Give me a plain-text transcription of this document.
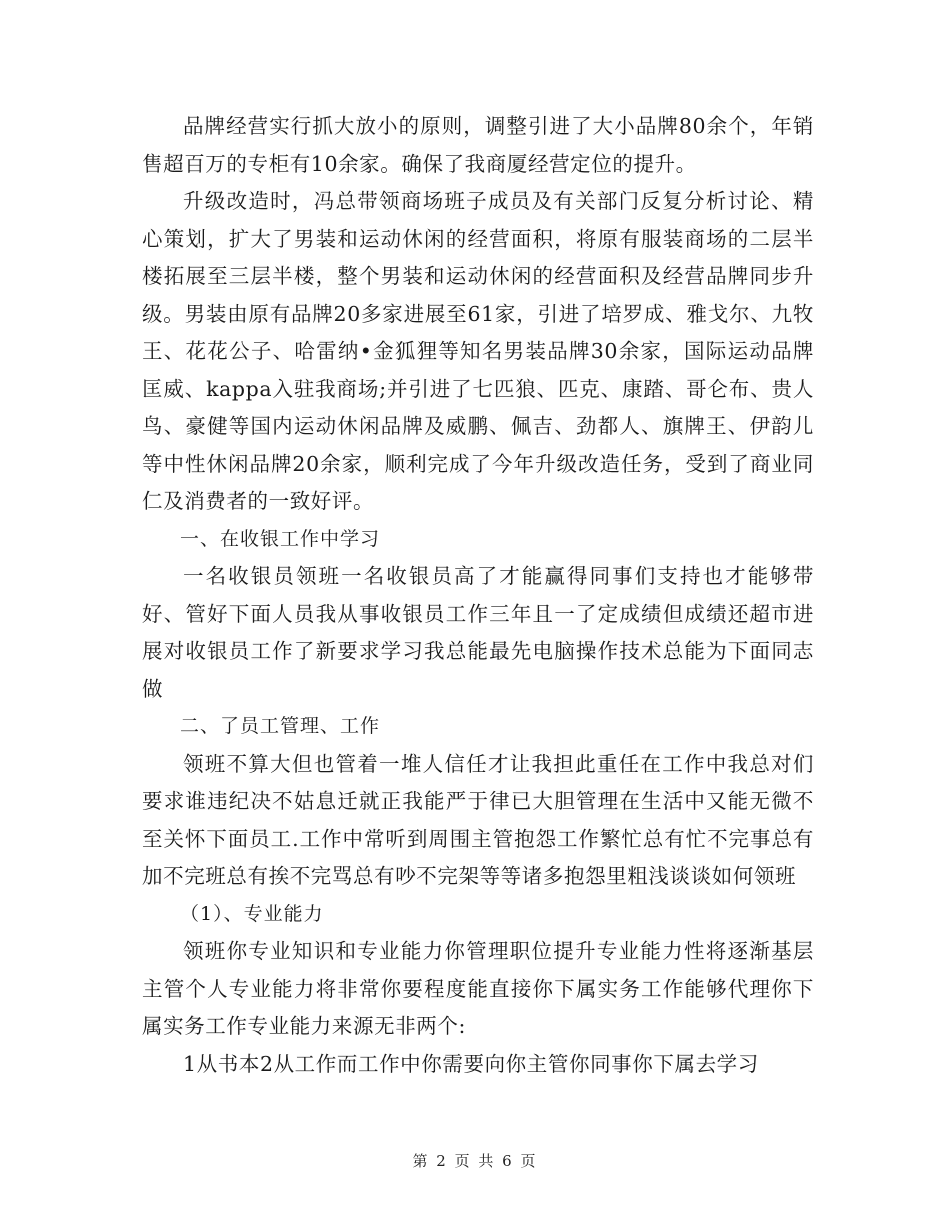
品牌经营实行抓大放小的原则，调整引进了大小品牌80余个，年销售超百万的专柜有10余家。确保了我商厦经营定位的提升。

升级改造时，冯总带领商场班子成员及有关部门反复分析讨论、精心策划，扩大了男装和运动休闲的经营面积，将原有服装商场的二层半楼拓展至三层半楼，整个男装和运动休闲的经营面积及经营品牌同步升级。男装由原有品牌20多家进展至61家，引进了培罗成、雅戈尔、九牧王、花花公子、哈雷纳•金狐狸等知名男装品牌30余家，国际运动品牌匡威、kappa入驻我商场;并引进了七匹狼、匹克、康踏、哥仑布、贵人鸟、豪健等国内运动休闲品牌及威鹏、佩吉、劲都人、旗牌王、伊韵儿等中性休闲品牌20余家，顺利完成了今年升级改造任务，受到了商业同仁及消费者的一致好评。

一、在收银工作中学习

一名收银员领班一名收银员高了才能赢得同事们支持也才能够带好、管好下面人员我从事收银员工作三年且一了定成绩但成绩还超市进展对收银员工作了新要求学习我总能最先电脑操作技术总能为下面同志做

二、了员工管理、工作

领班不算大但也管着一堆人信任才让我担此重任在工作中我总对们要求谁违纪决不姑息迁就正我能严于律已大胆管理在生活中又能无微不至关怀下面员工.工作中常听到周围主管抱怨工作繁忙总有忙不完事总有加不完班总有挨不完骂总有吵不完架等等诸多抱怨里粗浅谈谈如何领班

（1）、专业能力

领班你专业知识和专业能力你管理职位提升专业能力性将逐渐基层主管个人专业能力将非常你要程度能直接你下属实务工作能够代理你下属实务工作专业能力来源无非两个:

1从书本2从工作而工作中你需要向你主管你同事你下属去学习

第 2 页 共 6 页
